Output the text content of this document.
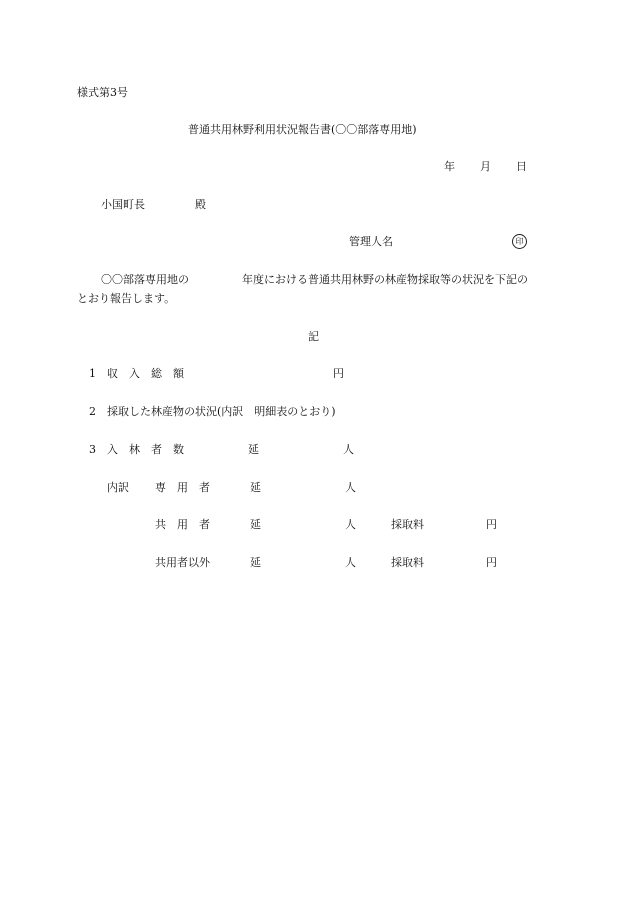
様式第3号
普通共用林野利用状況報告書(〇〇部落専用地)
年 月 日
小国町長	殿
管理人名	印
〇〇部落専用地の	年度における普通共用林野の林産物採取等の状況を下記の
とおり報告します。
記
1 収　入　総　額	円
2 採取した林産物の状況(内訳　明細表のとおり)
3 入　林　者　数	延	人
内訳 専　用　者	延	人
共　用　者	延	人	採取料	円
共用者以外	延	人	採取料	円
